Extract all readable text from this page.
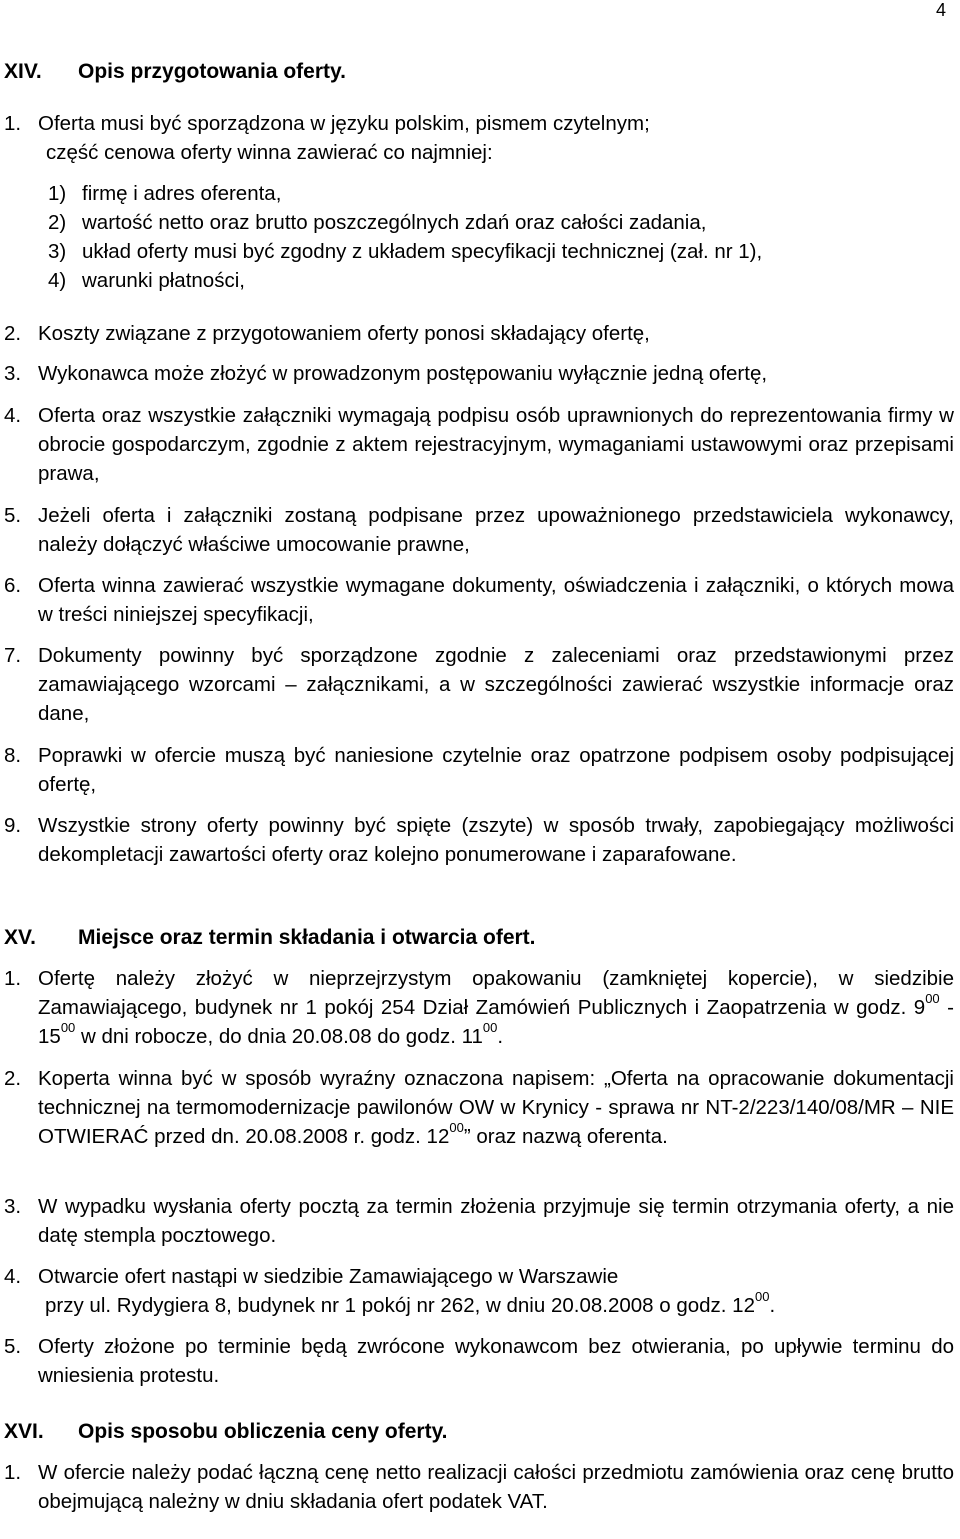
4
XIV. Opis przygotowania oferty.
1. Oferta musi być sporządzona w języku polskim, pismem czytelnym;
część cenowa oferty winna zawierać co najmniej:
1) firmę i adres oferenta,
2) wartość netto oraz brutto poszczególnych zdań oraz całości zadania,
3) układ oferty musi być zgodny z układem specyfikacji technicznej (zał. nr 1),
4) warunki płatności,
2. Koszty związane z przygotowaniem oferty ponosi składający ofertę,
3. Wykonawca może złożyć w prowadzonym postępowaniu wyłącznie jedną ofertę,
4. Oferta oraz wszystkie załączniki wymagają podpisu osób uprawnionych do reprezentowania firmy w obrocie gospodarczym, zgodnie z aktem rejestracyjnym, wymaganiami ustawowymi oraz przepisami prawa,
5. Jeżeli oferta i załączniki zostaną podpisane przez upoważnionego przedstawiciela wykonawcy, należy dołączyć właściwe umocowanie prawne,
6. Oferta winna zawierać wszystkie wymagane dokumenty, oświadczenia i załączniki, o których mowa w treści niniejszej specyfikacji,
7. Dokumenty powinny być sporządzone zgodnie z zaleceniami oraz przedstawionymi przez zamawiającego wzorcami – załącznikami, a w szczególności zawierać wszystkie informacje oraz dane,
8. Poprawki w ofercie muszą być naniesione czytelnie oraz opatrzone podpisem osoby podpisującej ofertę,
9. Wszystkie strony oferty powinny być spięte (zszyte) w sposób trwały, zapobiegający możliwości dekompletacji zawartości oferty oraz kolejno ponumerowane i zaparafowane.
XV. Miejsce oraz termin składania i otwarcia ofert.
1. Ofertę należy złożyć w nieprzejrzystym opakowaniu (zamkniętej kopercie), w siedzibie Zamawiającego, budynek nr 1 pokój 254 Dział Zamówień Publicznych i Zaopatrzenia w godz. $9^{00} - 15^{00}$ w dni robocze, do dnia 20.08.08 do godz. $11^{00}$.
2. Koperta winna być w sposób wyraźny oznaczona napisem: „Oferta na opracowanie dokumentacji technicznej na termomodernizacje pawilonów OW w Krynicy - sprawa nr NT-2/223/140/08/MR – NIE OTWIERAĆ przed dn. 20.08.2008 r. godz. $12^{00}$” oraz nazwą oferenta.
3. W wypadku wysłania oferty pocztą za termin złożenia przyjmuje się termin otrzymania oferty, a nie datę stempla pocztowego.
4. Otwarcie ofert nastąpi w siedzibie Zamawiającego w Warszawie
przy ul. Rydygiera 8, budynek nr 1 pokój nr 262, w dniu 20.08.2008 o godz. $12^{00}$.
5. Oferty złożone po terminie będą zwrócone wykonawcom bez otwierania, po upływie terminu do wniesienia protestu.
XVI. Opis sposobu obliczenia ceny oferty.
1. W ofercie należy podać łączną cenę netto realizacji całości przedmiotu zamówienia oraz cenę brutto obejmującą należny w dniu składania ofert podatek VAT.
